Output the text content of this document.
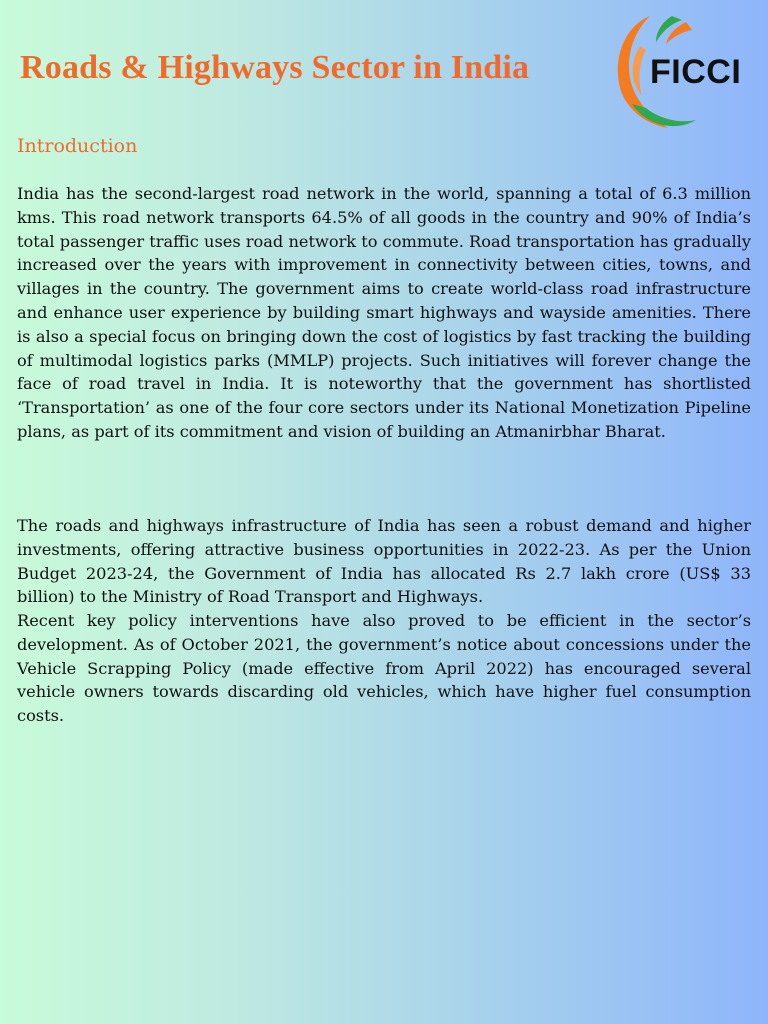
Roads & Highways Sector in India	FICCI
Introduction

India has the second-largest road network in the world, spanning a total of 6.3 million kms. This road network transports 64.5% of all goods in the country and 90% of India’s total passenger traffic uses road network to commute. Road transportation has gradually increased over the years with improvement in connectivity between cities, towns, and villages in the country. The government aims to create world-class road infrastructure and enhance user experience by building smart highways and wayside amenities. There is also a special focus on bringing down the cost of logistics by fast tracking the building of multimodal logistics parks (MMLP) projects. Such initiatives will forever change the face of road travel in India. It is noteworthy that the government has shortlisted ‘Transportation’ as one of the four core sectors under its National Monetization Pipeline plans, as part of its commitment and vision of building an Atmanirbhar Bharat.

The roads and highways infrastructure of India has seen a robust demand and higher investments, offering attractive business opportunities in 2022-23. As per the Union Budget 2023-24, the Government of India has allocated Rs 2.7 lakh crore (US$ 33 billion) to the Ministry of Road Transport and Highways.

Recent key policy interventions have also proved to be efficient in the sector’s development. As of October 2021, the government’s notice about concessions under the Vehicle Scrapping Policy (made effective from April 2022) has encouraged several vehicle owners towards discarding old vehicles, which have higher fuel consumption costs.
